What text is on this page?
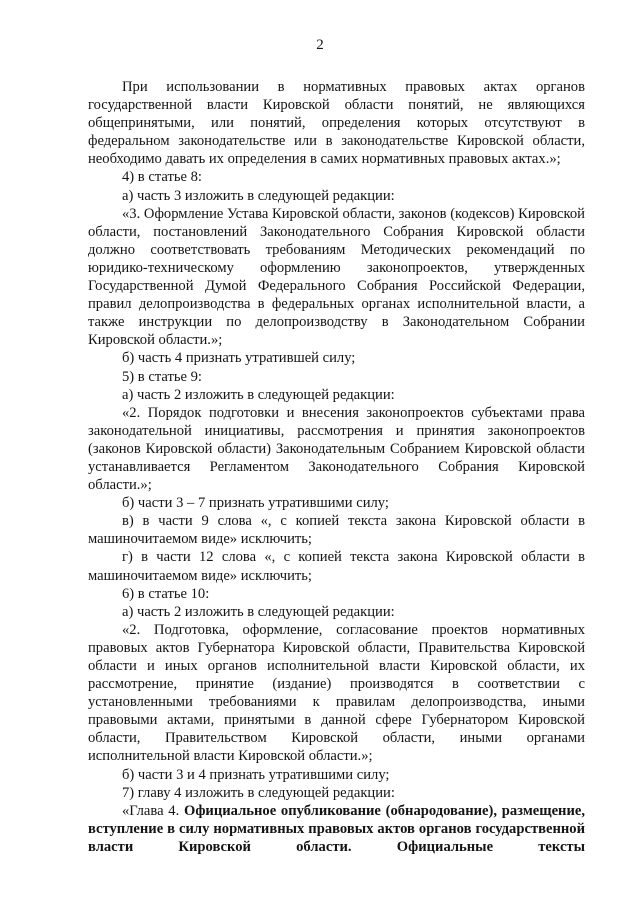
2

При использовании в нормативных правовых актах органов государственной власти Кировской области понятий, не являющихся общепринятыми, или понятий, определения которых отсутствуют в федеральном законодательстве или в законодательстве Кировской области, необходимо давать их определения в самих нормативных правовых актах.»;

4) в статье 8:

а) часть 3 изложить в следующей редакции:

«3. Оформление Устава Кировской области, законов (кодексов) Кировской области, постановлений Законодательного Собрания Кировской области должно соответствовать требованиям Методических рекомендаций по юридико-техническому оформлению законопроектов, утвержденных Государственной Думой Федерального Собрания Российской Федерации, правил делопроизводства в федеральных органах исполнительной власти, а также инструкции по делопроизводству в Законодательном Собрании Кировской области.»;

б) часть 4 признать утратившей силу;

5) в статье 9:

а) часть 2 изложить в следующей редакции:

«2. Порядок подготовки и внесения законопроектов субъектами права законодательной инициативы, рассмотрения и принятия законопроектов (законов Кировской области) Законодательным Собранием Кировской области устанавливается Регламентом Законодательного Собрания Кировской области.»;

б) части 3 – 7 признать утратившими силу;

в) в части 9 слова «, с копией текста закона Кировской области в машиночитаемом виде» исключить;

г) в части 12 слова «, с копией текста закона Кировской области в машиночитаемом виде» исключить;

6) в статье 10:

а) часть 2 изложить в следующей редакции:

«2. Подготовка, оформление, согласование проектов нормативных правовых актов Губернатора Кировской области, Правительства Кировской области и иных органов исполнительной власти Кировской области, их рассмотрение, принятие (издание) производятся в соответствии с установленными требованиями к правилам делопроизводства, иными правовыми актами, принятыми в данной сфере Губернатором Кировской области, Правительством Кировской области, иными органами исполнительной власти Кировской области.»;

б) части 3 и 4 признать утратившими силу;

7) главу 4 изложить в следующей редакции:

«Глава 4. Официальное опубликование (обнародование), размещение, вступление в силу нормативных правовых актов органов государственной власти Кировской области. Официальные тексты
